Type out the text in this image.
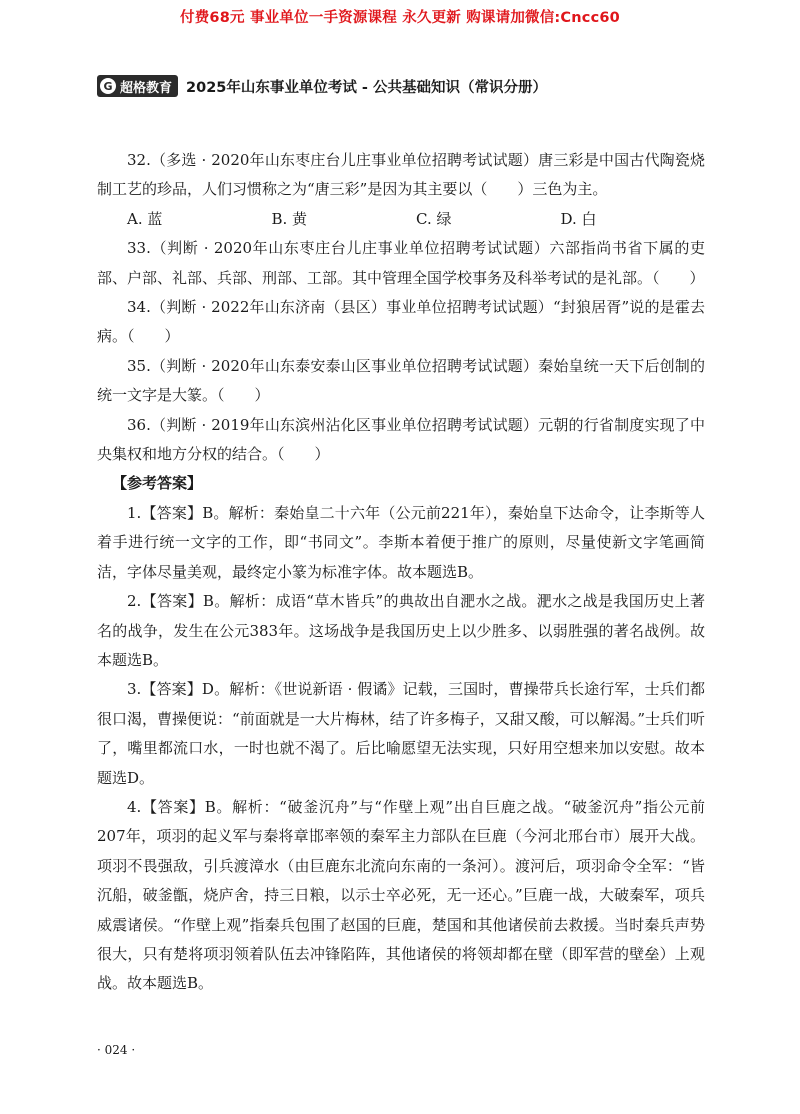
付费68元 事业单位一手资源课程 永久更新 购课请加微信:Cncc60
G 超格教育 2025年山东事业单位考试 - 公共基础知识（常识分册）

32.（多选 · 2020年山东枣庄台儿庄事业单位招聘考试试题）唐三彩是中国古代陶瓷烧制工艺的珍品，人们习惯称之为“唐三彩”是因为其主要以（　　）三色为主。

A. 蓝	B. 黄	C. 绿	D. 白

33.（判断 · 2020年山东枣庄台儿庄事业单位招聘考试试题）六部指尚书省下属的吏部、户部、礼部、兵部、刑部、工部。其中管理全国学校事务及科举考试的是礼部。（　　）

34.（判断 · 2022年山东济南（县区）事业单位招聘考试试题）“封狼居胥”说的是霍去病。（　　）

35.（判断 · 2020年山东泰安泰山区事业单位招聘考试试题）秦始皇统一天下后创制的统一文字是大篆。（　　）

36.（判断 · 2019年山东滨州沾化区事业单位招聘考试试题）元朝的行省制度实现了中央集权和地方分权的结合。（　　）

【参考答案】

1.【答案】B。解析：秦始皇二十六年（公元前221年），秦始皇下达命令，让李斯等人着手进行统一文字的工作，即“书同文”。李斯本着便于推广的原则，尽量使新文字笔画简洁，字体尽量美观，最终定小篆为标准字体。故本题选B。

2.【答案】B。解析：成语“草木皆兵”的典故出自淝水之战。淝水之战是我国历史上著名的战争，发生在公元383年。这场战争是我国历史上以少胜多、以弱胜强的著名战例。故本题选B。

3.【答案】D。解析：《世说新语 · 假谲》记载，三国时，曹操带兵长途行军，士兵们都很口渴，曹操便说：“前面就是一大片梅林，结了许多梅子，又甜又酸，可以解渴。”士兵们听了，嘴里都流口水，一时也就不渴了。后比喻愿望无法实现，只好用空想来加以安慰。故本题选D。

4.【答案】B。解析：“破釜沉舟”与“作壁上观”出自巨鹿之战。“破釜沉舟”指公元前207年，项羽的起义军与秦将章邯率领的秦军主力部队在巨鹿（今河北邢台市）展开大战。项羽不畏强敌，引兵渡漳水（由巨鹿东北流向东南的一条河）。渡河后，项羽命令全军：“皆沉船，破釜甑，烧庐舍，持三日粮，以示士卒必死，无一还心。”巨鹿一战，大破秦军，项兵威震诸侯。“作壁上观”指秦兵包围了赵国的巨鹿，楚国和其他诸侯前去救援。当时秦兵声势很大，只有楚将项羽领着队伍去冲锋陷阵，其他诸侯的将领却都在壁（即军营的壁垒）上观战。故本题选B。

· 024 ·
